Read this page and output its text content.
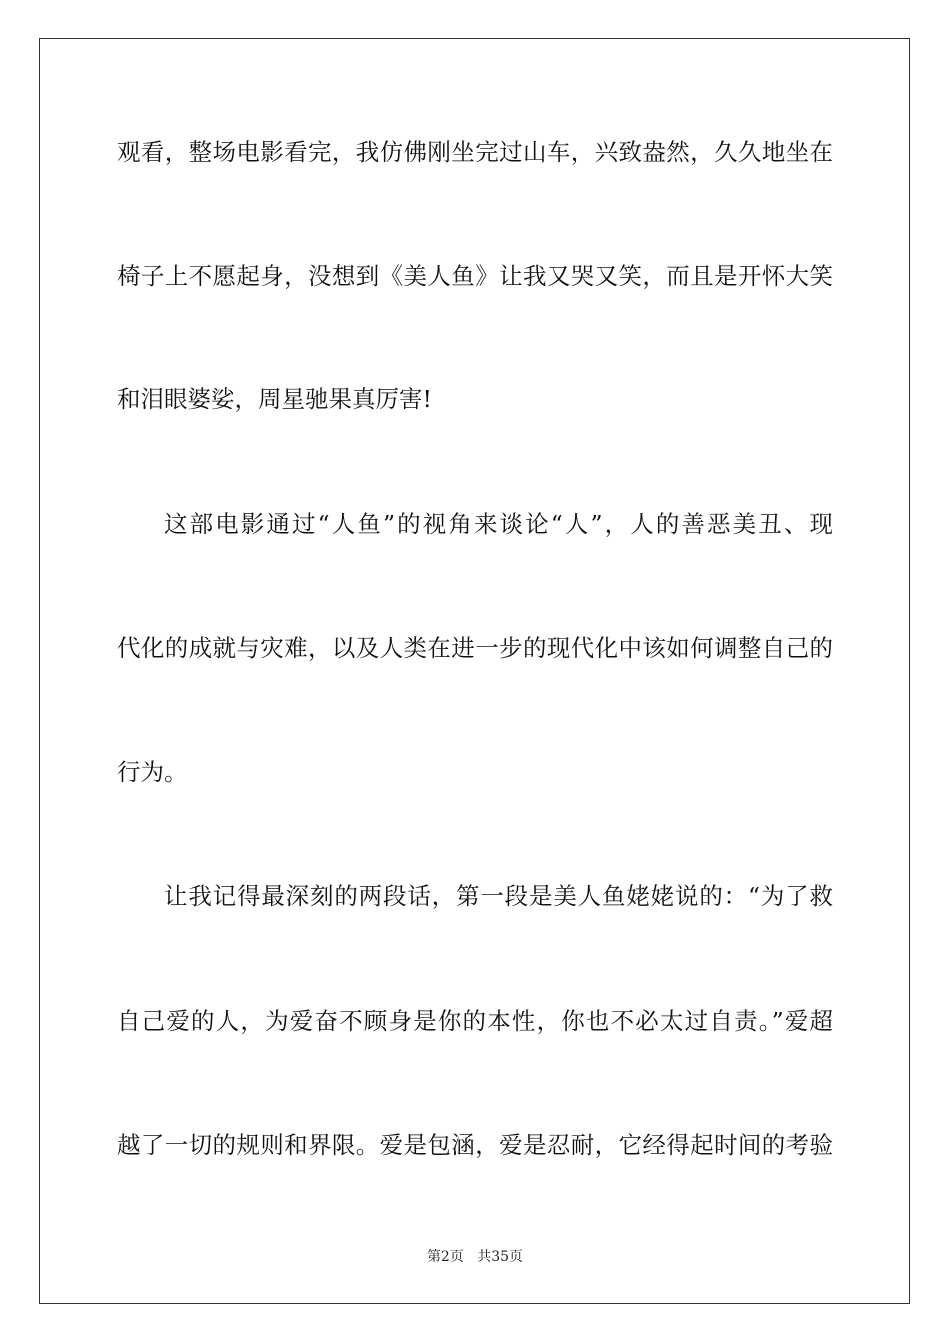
观看，整场电影看完，我仿佛刚坐完过山车，兴致盎然，久久地坐在
椅子上不愿起身，没想到《美人鱼》让我又哭又笑，而且是开怀大笑
和泪眼婆娑，周星驰果真厉害!
这部电影通过“人鱼”的视角来谈论“人”，人的善恶美丑、现
代化的成就与灾难，以及人类在进一步的现代化中该如何调整自己的
行为。
让我记得最深刻的两段话，第一段是美人鱼姥姥说的：“为了救
自己爱的人，为爱奋不顾身是你的本性，你也不必太过自责。”爱超
越了一切的规则和界限。爱是包涵，爱是忍耐，它经得起时间的考验
第2页 共35页
